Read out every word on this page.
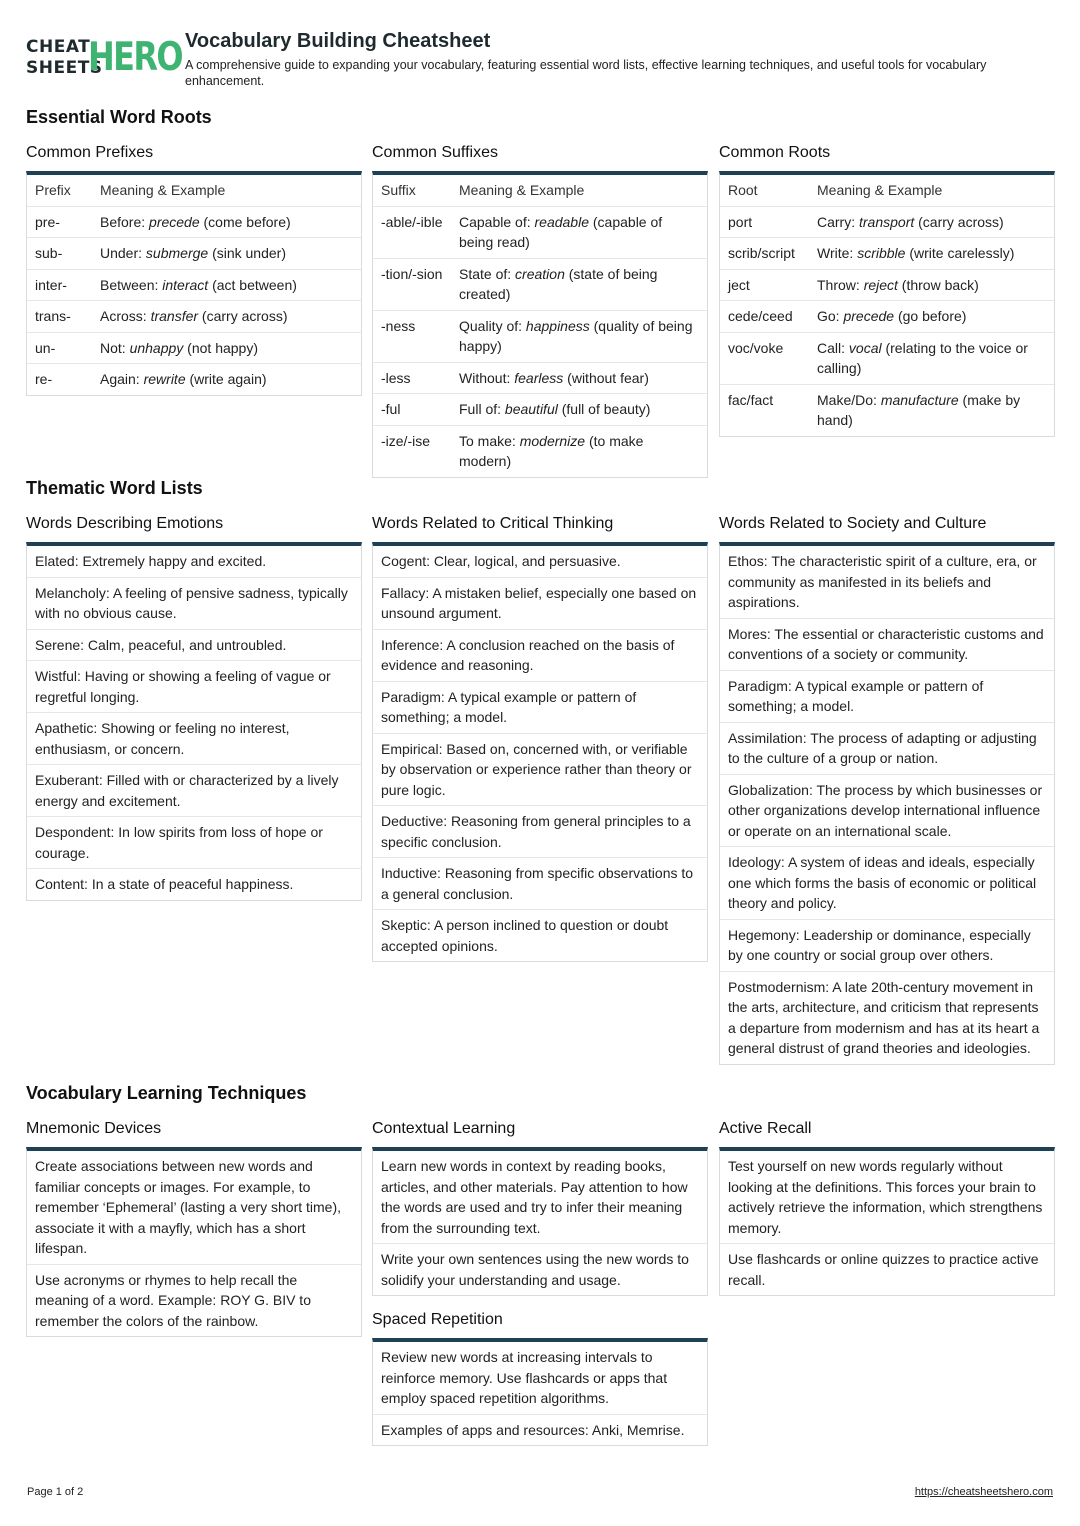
CHEAT
SHEETS
HERO Vocabulary Building Cheatsheet
A comprehensive guide to expanding your vocabulary, featuring essential word lists, effective learning techniques, and useful tools for vocabulary enhancement.
Essential Word Roots
Common Prefixes
Prefix	Meaning & Example
pre-	Before: precede (come before)
sub-	Under: submerge (sink under)
inter-	Between: interact (act between)
trans-	Across: transfer (carry across)
un-	Not: unhappy (not happy)
re-	Again: rewrite (write again)
Common Suffixes
Suffix	Meaning & Example
-able/-ible	Capable of: readable (capable of being read)
-tion/-sion	State of: creation (state of being created)
-ness	Quality of: happiness (quality of being happy)
-less	Without: fearless (without fear)
-ful	Full of: beautiful (full of beauty)
-ize/-ise	To make: modernize (to make modern)
Common Roots
Root	Meaning & Example
port	Carry: transport (carry across)
scrib/script	Write: scribble (write carelessly)
ject	Throw: reject (throw back)
cede/ceed	Go: precede (go before)
voc/voke	Call: vocal (relating to the voice or calling)
fac/fact	Make/Do: manufacture (make by hand)
Thematic Word Lists
Words Describing Emotions
Elated: Extremely happy and excited.
Melancholy: A feeling of pensive sadness, typically with no obvious cause.
Serene: Calm, peaceful, and untroubled.
Wistful: Having or showing a feeling of vague or regretful longing.
Apathetic: Showing or feeling no interest, enthusiasm, or concern.
Exuberant: Filled with or characterized by a lively energy and excitement.
Despondent: In low spirits from loss of hope or courage.
Content: In a state of peaceful happiness.
Words Related to Critical Thinking
Cogent: Clear, logical, and persuasive.
Fallacy: A mistaken belief, especially one based on unsound argument.
Inference: A conclusion reached on the basis of evidence and reasoning.
Paradigm: A typical example or pattern of something; a model.
Empirical: Based on, concerned with, or verifiable by observation or experience rather than theory or pure logic.
Deductive: Reasoning from general principles to a specific conclusion.
Inductive: Reasoning from specific observations to a general conclusion.
Skeptic: A person inclined to question or doubt accepted opinions.
Words Related to Society and Culture
Ethos: The characteristic spirit of a culture, era, or community as manifested in its beliefs and aspirations.
Mores: The essential or characteristic customs and conventions of a society or community.
Paradigm: A typical example or pattern of something; a model.
Assimilation: The process of adapting or adjusting to the culture of a group or nation.
Globalization: The process by which businesses or other organizations develop international influence or operate on an international scale.
Ideology: A system of ideas and ideals, especially one which forms the basis of economic or political theory and policy.
Hegemony: Leadership or dominance, especially by one country or social group over others.
Postmodernism: A late 20th-century movement in the arts, architecture, and criticism that represents a departure from modernism and has at its heart a general distrust of grand theories and ideologies.
Vocabulary Learning Techniques
Mnemonic Devices
Create associations between new words and familiar concepts or images. For example, to remember ‘Ephemeral’ (lasting a very short time), associate it with a mayfly, which has a short lifespan.
Use acronyms or rhymes to help recall the meaning of a word. Example: ROY G. BIV to remember the colors of the rainbow.
Contextual Learning
Learn new words in context by reading books, articles, and other materials. Pay attention to how the words are used and try to infer their meaning from the surrounding text.
Write your own sentences using the new words to solidify your understanding and usage.
Spaced Repetition
Review new words at increasing intervals to reinforce memory. Use flashcards or apps that employ spaced repetition algorithms.
Examples of apps and resources: Anki, Memrise.
Active Recall
Test yourself on new words regularly without looking at the definitions. This forces your brain to actively retrieve the information, which strengthens memory.
Use flashcards or online quizzes to practice active recall.
Page 1 of 2	https://cheatsheetshero.com
